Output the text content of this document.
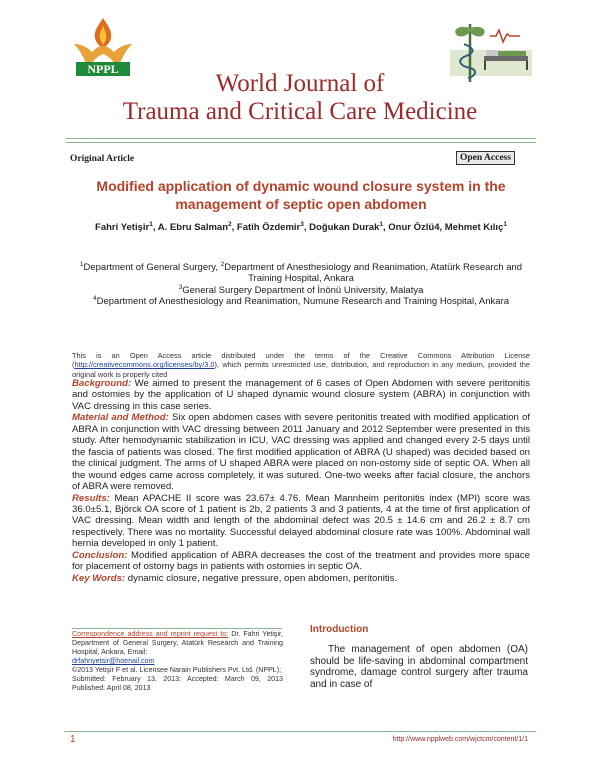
NPPL
World Journal of
Trauma and Critical Care Medicine
Original Article	Open Access
Modified application of dynamic wound closure system in the management of septic open abdomen
Fahri Yetişir$^1$, A. Ebru Salman$^2$, Fatih Özdemir$^3$, Doğukan Durak$^1$, Onur Özlü4, Mehmet Kılıç$^1$
$^1$Department of General Surgery, $^2$Department of Anesthesiology and Reanimation, Atatürk Research and Training Hospital, Ankara
$^3$General Surgery Department of İnönü University, Malatya
$^4$Department of Anesthesiology and Reanimation, Numune Research and Training Hospital, Ankara
This is an Open Access article distributed under the terms of the Creative Commons Attribution License (http://creativecommons.org/licenses/by/3.0), which permits unrestricted use, distribution, and reproduction in any medium, provided the original work is properly cited

Background: We aimed to present the management of 6 cases of Open Abdomen with severe peritonitis and ostomies by the application of U shaped dynamic wound closure system (ABRA) in conjunction with VAC dressing in this case series.

Material and Method: Six open abdomen cases with severe peritonitis treated with modified application of ABRA in conjunction with VAC dressing between 2011 January and 2012 September were presented in this study. After hemodynamic stabilization in ICU, VAC dressing was applied and changed every 2-5 days until the fascia of patients was closed. The first modified application of ABRA (U shaped) was decided based on the clinical judgment. The arms of U shaped ABRA were placed on non-ostomy side of septic OA. When all the wound edges came across completely, it was sutured. One-two weeks after facial closure, the anchors of ABRA were removed.

Results: Mean APACHE II score was 23.67± 4.76. Mean Mannheim peritonitis index (MPI) score was 36.0±5.1, Björck OA score of 1 patient is 2b, 2 patients 3 and 3 patients, 4 at the time of first application of VAC dressing. Mean width and length of the abdominal defect was 20.5 ± 14.6 cm and 26.2 ± 8.7 cm respectively. There was no mortality. Successful delayed abdominal closure rate was 100%. Abdominal wall hernia developed in only 1 patient.

Conclusion: Modified application of ABRA decreases the cost of the treatment and provides more space for placement of ostomy bags in patients with ostomies in septic OA.

Key Words: dynamic closure, negative pressure, open abdomen, peritonitis.

Correspondence address and reprint request to: Dr. Fahri Yetişir, Department of General Surgery, Atatürk Research and Training Hospital, Ankara, Email:
drfahriyetsir@hotmail.com
©2013 Yetişir F et al. Licensee Narain Publishers Pvt. Ltd. (NPPL);
Submitted: February 13, 2013; Accepted: March 09, 2013 Published: April 08, 2013
Introduction
The management of open abdomen (OA) should be life-saving in abdominal compartment syndrome, damage control surgery after trauma and in case of
1	http://www.npplweb.com/wjctcm/content/1/1
